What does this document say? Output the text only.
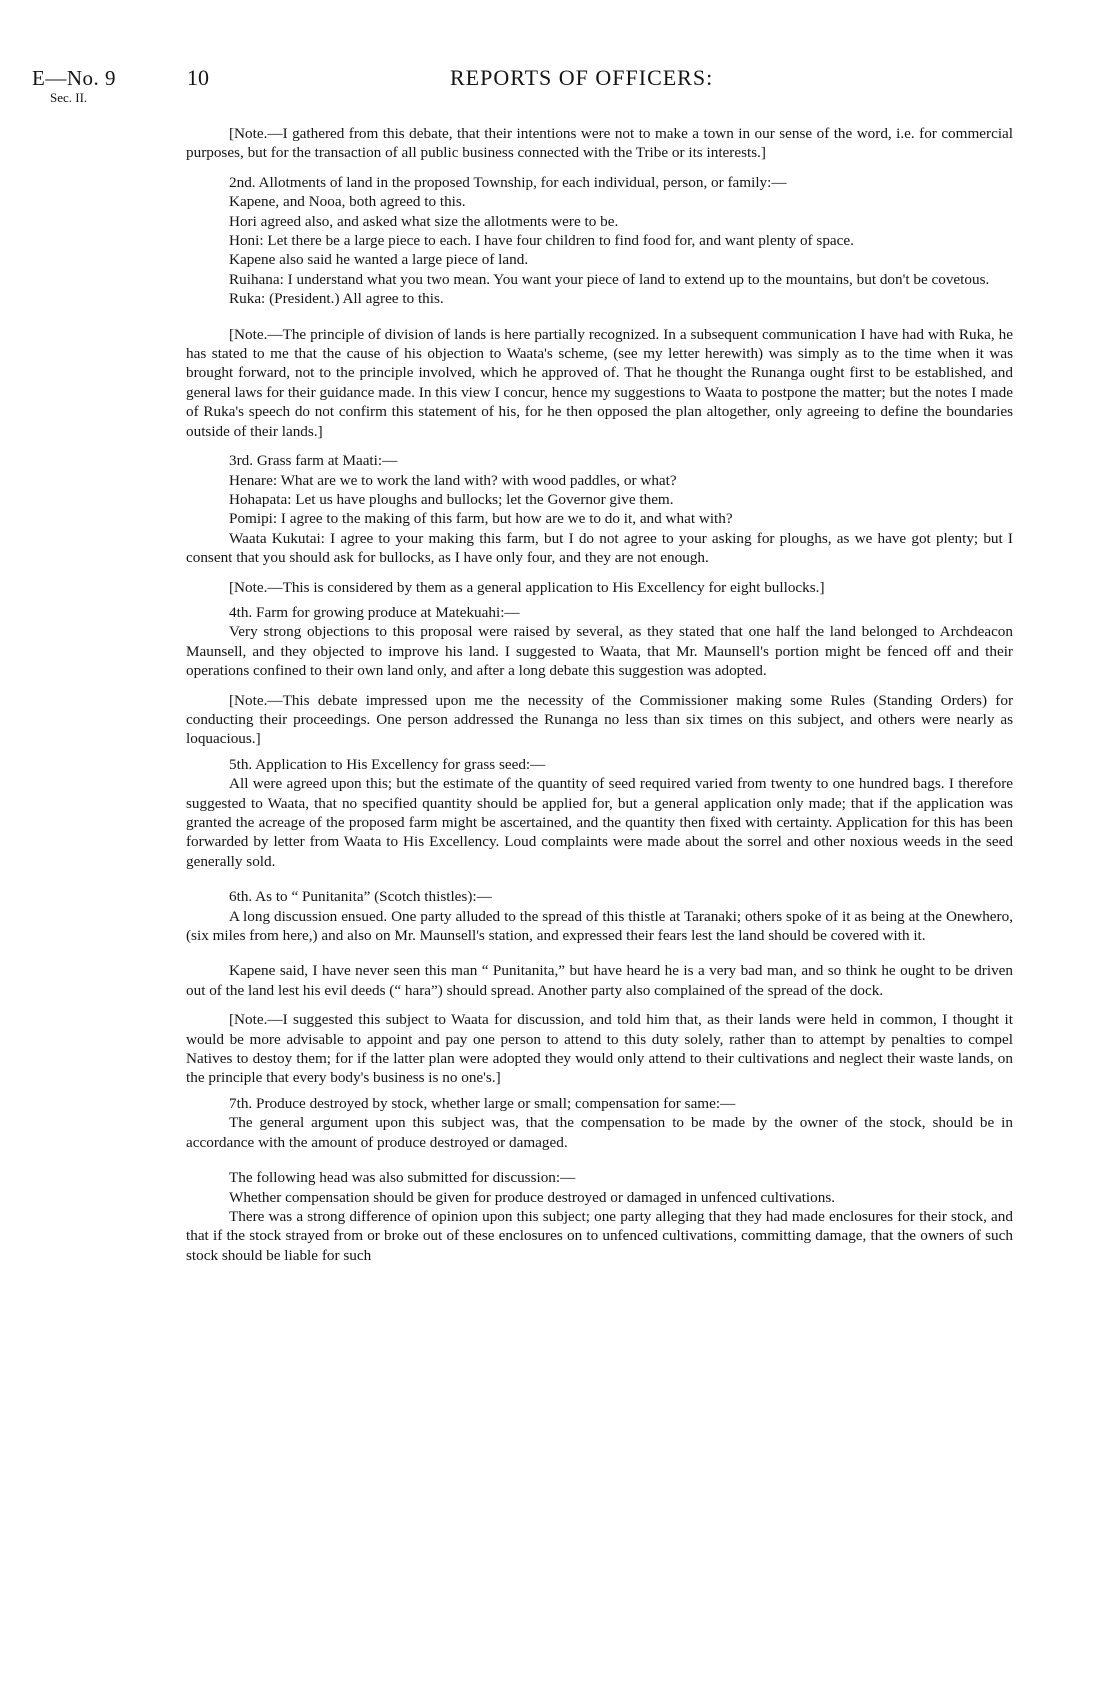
E—No. 9
Sec. II.
10	REPORTS OF OFFICERS:

[Note.—I gathered from this debate, that their intentions were not to make a town in our sense of the word, i.e. for commercial purposes, but for the transaction of all public business connected with the Tribe or its interests.]

2nd. Allotments of land in the proposed Township, for each individual, person, or family:—

Kapene, and Nooa, both agreed to this.

Hori agreed also, and asked what size the allotments were to be.

Honi: Let there be a large piece to each. I have four children to find food for, and want plenty of space.

Kapene also said he wanted a large piece of land.

Ruihana: I understand what you two mean. You want your piece of land to extend up to the mountains, but don't be covetous.

Ruka: (President.) All agree to this.

[Note.—The principle of division of lands is here partially recognized. In a subsequent communication I have had with Ruka, he has stated to me that the cause of his objection to Waata's scheme, (see my letter herewith) was simply as to the time when it was brought forward, not to the principle involved, which he approved of. That he thought the Runanga ought first to be established, and general laws for their guidance made. In this view I concur, hence my suggestions to Waata to postpone the matter; but the notes I made of Ruka's speech do not confirm this statement of his, for he then opposed the plan altogether, only agreeing to define the boundaries outside of their lands.]

3rd. Grass farm at Maati:—

Henare: What are we to work the land with? with wood paddles, or what?

Hohapata: Let us have ploughs and bullocks; let the Governor give them.

Pomipi: I agree to the making of this farm, but how are we to do it, and what with?

Waata Kukutai: I agree to your making this farm, but I do not agree to your asking for ploughs, as we have got plenty; but I consent that you should ask for bullocks, as I have only four, and they are not enough.

[Note.—This is considered by them as a general application to His Excellency for eight bullocks.]

4th. Farm for growing produce at Matekuahi:—

Very strong objections to this proposal were raised by several, as they stated that one half the land belonged to Archdeacon Maunsell, and they objected to improve his land. I suggested to Waata, that Mr. Maunsell's portion might be fenced off and their operations confined to their own land only, and after a long debate this suggestion was adopted.

[Note.—This debate impressed upon me the necessity of the Commissioner making some Rules (Standing Orders) for conducting their proceedings. One person addressed the Runanga no less than six times on this subject, and others were nearly as loquacious.]

5th. Application to His Excellency for grass seed:—

All were agreed upon this; but the estimate of the quantity of seed required varied from twenty to one hundred bags. I therefore suggested to Waata, that no specified quantity should be applied for, but a general application only made; that if the application was granted the acreage of the proposed farm might be ascertained, and the quantity then fixed with certainty. Application for this has been forwarded by letter from Waata to His Excellency. Loud complaints were made about the sorrel and other noxious weeds in the seed generally sold.

6th. As to “ Punitanita” (Scotch thistles):—

A long discussion ensued. One party alluded to the spread of this thistle at Taranaki; others spoke of it as being at the Onewhero, (six miles from here,) and also on Mr. Maunsell's station, and expressed their fears lest the land should be covered with it.

Kapene said, I have never seen this man “ Punitanita,” but have heard he is a very bad man, and so think he ought to be driven out of the land lest his evil deeds (“ hara”) should spread. Another party also complained of the spread of the dock.

[Note.—I suggested this subject to Waata for discussion, and told him that, as their lands were held in common, I thought it would be more advisable to appoint and pay one person to attend to this duty solely, rather than to attempt by penalties to compel Natives to destoy them; for if the latter plan were adopted they would only attend to their cultivations and neglect their waste lands, on the principle that every body's business is no one's.]

7th. Produce destroyed by stock, whether large or small; compensation for same:—

The general argument upon this subject was, that the compensation to be made by the owner of the stock, should be in accordance with the amount of produce destroyed or damaged.

The following head was also submitted for discussion:—

Whether compensation should be given for produce destroyed or damaged in unfenced cultivations.

There was a strong difference of opinion upon this subject; one party alleging that they had made enclosures for their stock, and that if the stock strayed from or broke out of these enclosures on to unfenced cultivations, committing damage, that the owners of such stock should be liable for such
